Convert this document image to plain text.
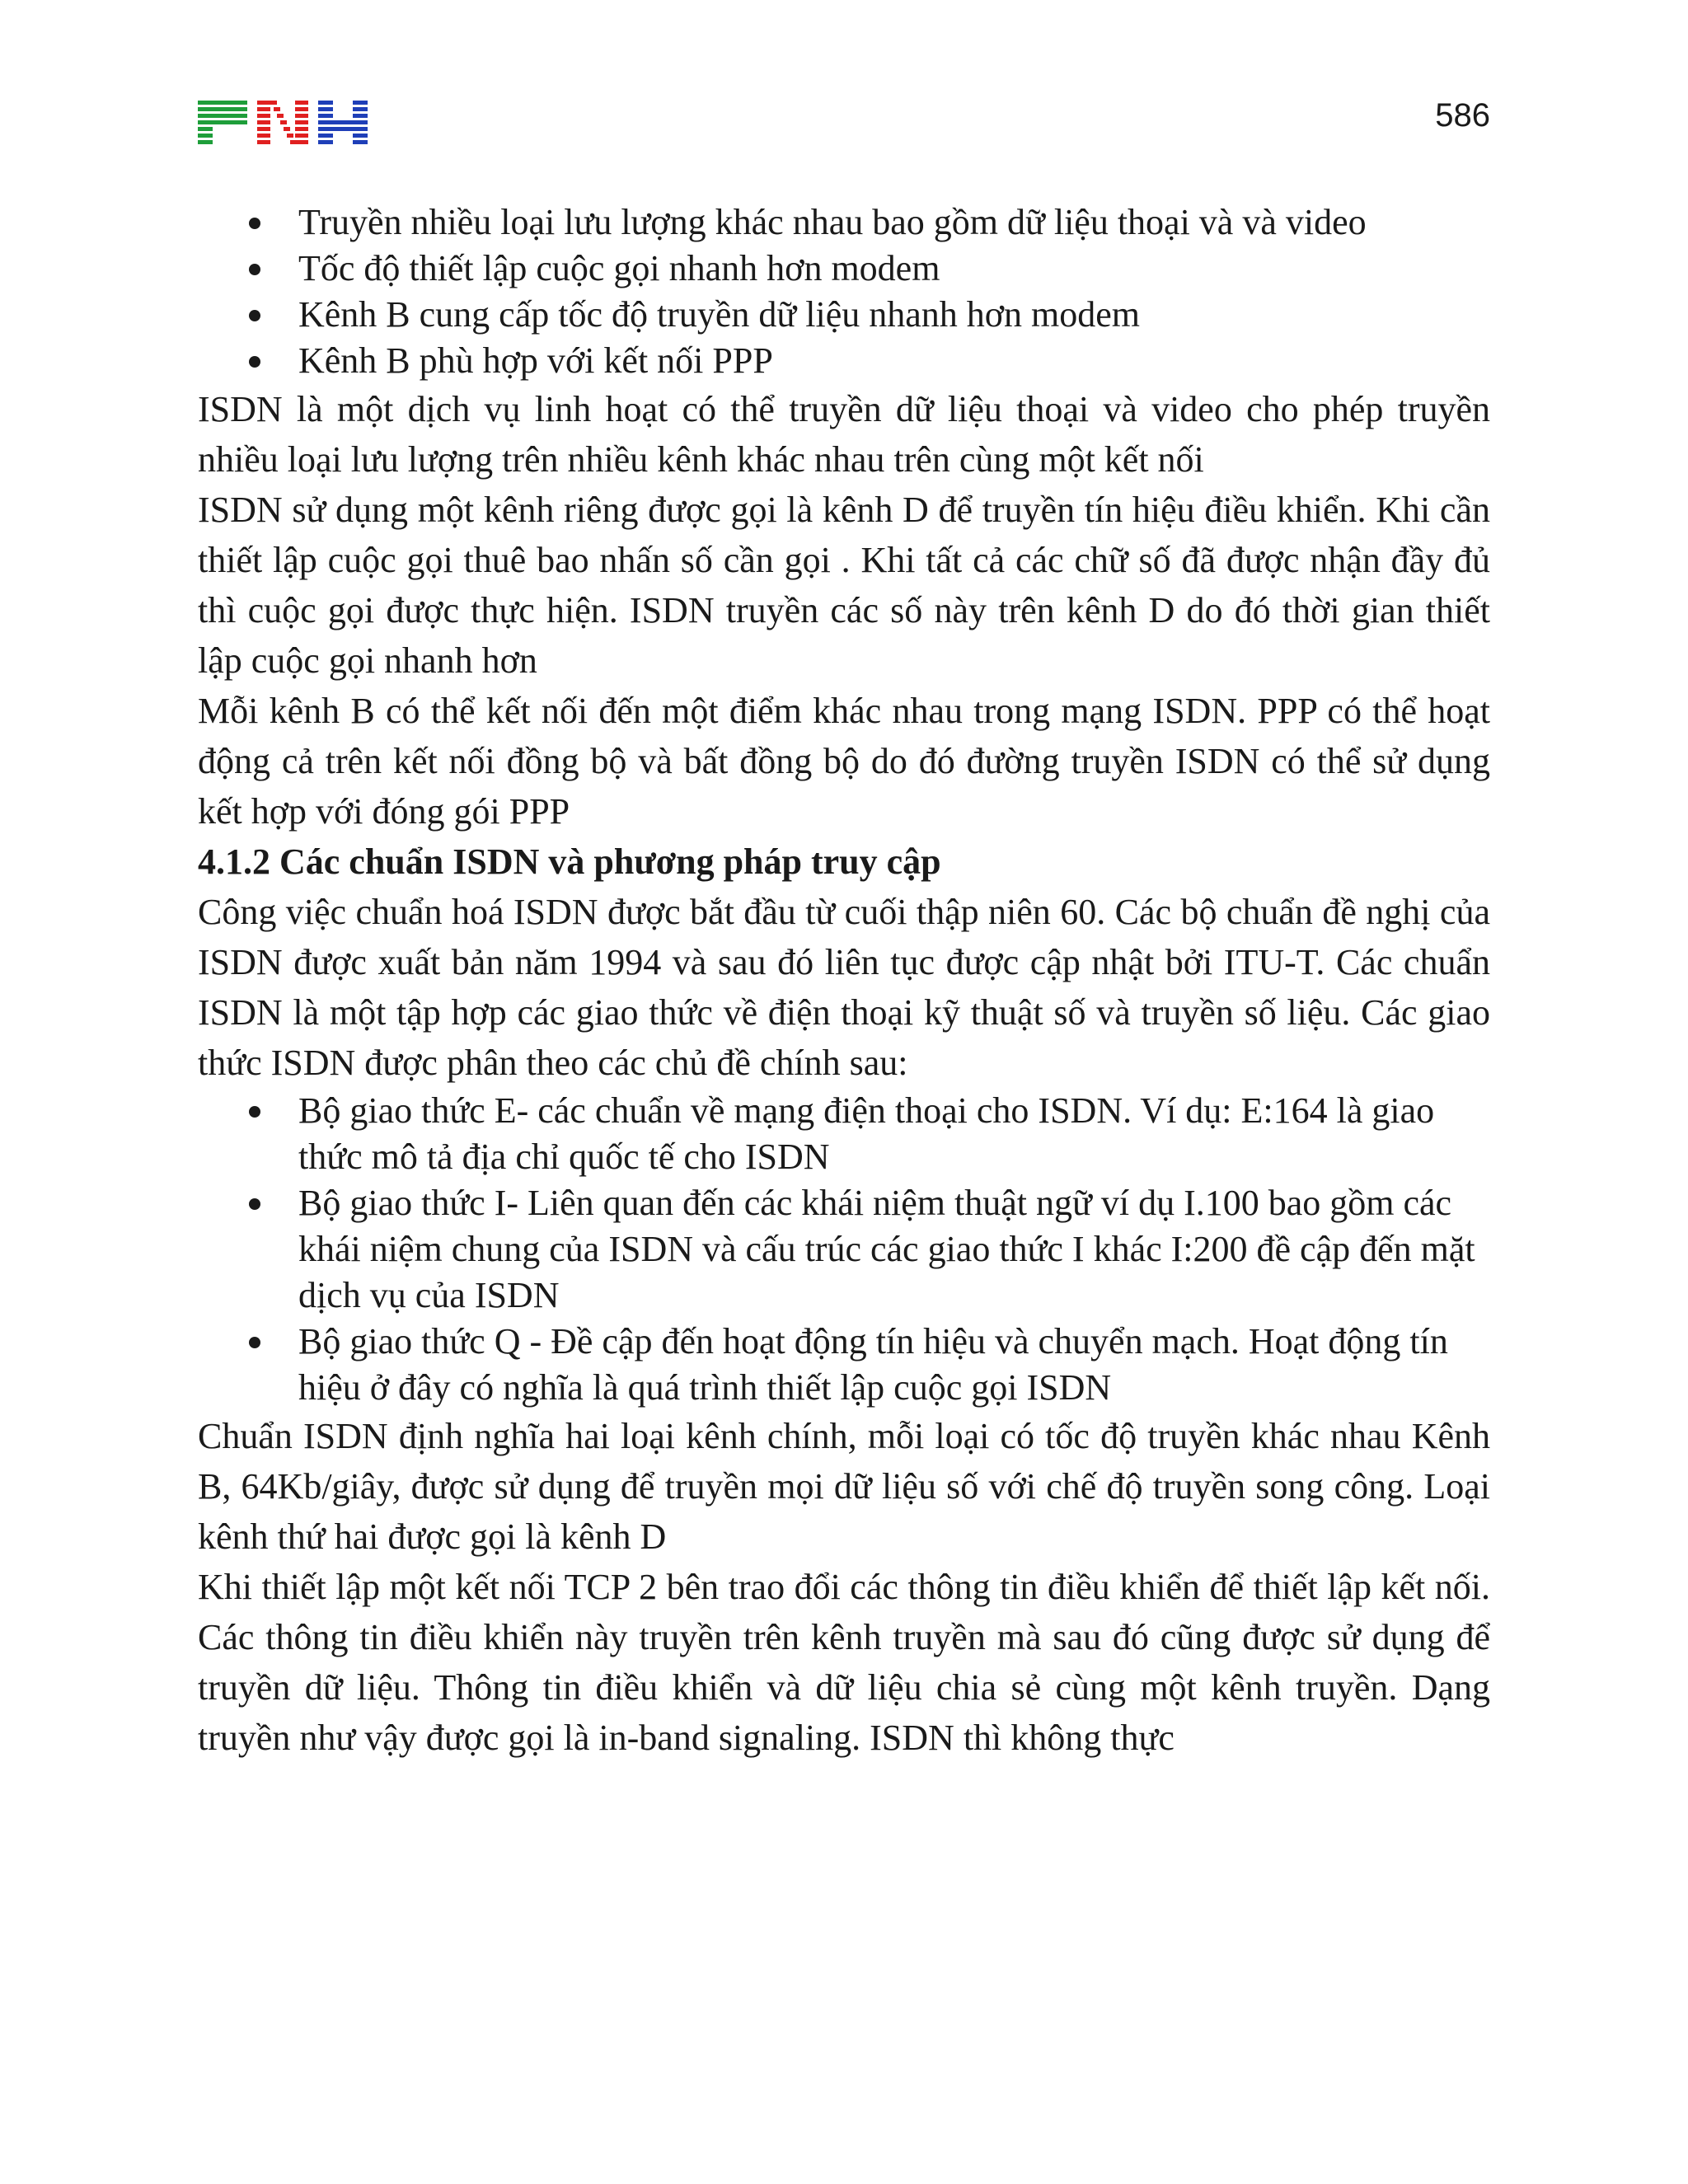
586
Truyền nhiều loại lưu lượng khác nhau bao gồm dữ liệu thoại và và video
Tốc độ thiết lập cuộc gọi nhanh hơn modem
Kênh B cung cấp tốc độ truyền dữ liệu nhanh hơn modem
Kênh B phù hợp với kết nối PPP

ISDN là một dịch vụ linh hoạt có thể truyền dữ liệu thoại và video cho phép truyền nhiều loại lưu lượng trên nhiều kênh khác nhau trên cùng một kết nối

ISDN sử dụng một kênh riêng được gọi là kênh D để truyền tín hiệu điều khiển. Khi cần thiết lập cuộc gọi thuê bao nhấn số cần gọi . Khi tất cả các chữ số đã được nhận đầy đủ thì cuộc gọi được thực hiện. ISDN truyền các số này trên kênh D do đó thời gian thiết lập cuộc gọi nhanh hơn

Mỗi kênh B có thể kết nối đến một điểm khác nhau trong mạng ISDN. PPP có thể hoạt động cả trên kết nối đồng bộ và bất đồng bộ do đó đường truyền ISDN có thể sử dụng kết hợp với đóng gói PPP

4.1.2 Các chuẩn ISDN và phương pháp truy cập

Công việc chuẩn hoá ISDN được bắt đầu từ cuối thập niên 60. Các bộ chuẩn đề nghị của ISDN được xuất bản năm 1994 và sau đó liên tục được cập nhật bởi ITU-T. Các chuẩn ISDN là một tập hợp các giao thức về điện thoại kỹ thuật số và truyền số liệu. Các giao thức ISDN được phân theo các chủ đề chính sau:

Bộ giao thức E- các chuẩn về mạng điện thoại cho ISDN. Ví dụ: E:164 là giao thức mô tả địa chỉ quốc tế cho ISDN
Bộ giao thức I- Liên quan đến các khái niệm thuật ngữ ví dụ I.100 bao gồm các khái niệm chung của ISDN và cấu trúc các giao thức I khác I:200 đề cập đến mặt dịch vụ của ISDN
Bộ giao thức Q - Đề cập đến hoạt động tín hiệu và chuyển mạch. Hoạt động tín hiệu ở đây có nghĩa là quá trình thiết lập cuộc gọi ISDN

Chuẩn ISDN định nghĩa hai loại kênh chính, mỗi loại có tốc độ truyền khác nhau Kênh B, 64Kb/giây, được sử dụng để truyền mọi dữ liệu số với chế độ truyền song công. Loại kênh thứ hai được gọi là kênh D

Khi thiết lập một kết nối TCP 2 bên trao đổi các thông tin điều khiển để thiết lập kết nối. Các thông tin điều khiển này truyền trên kênh truyền mà sau đó cũng được sử dụng để truyền dữ liệu. Thông tin điều khiển và dữ liệu chia sẻ cùng một kênh truyền. Dạng truyền như vậy được gọi là in-band signaling. ISDN thì không thực
